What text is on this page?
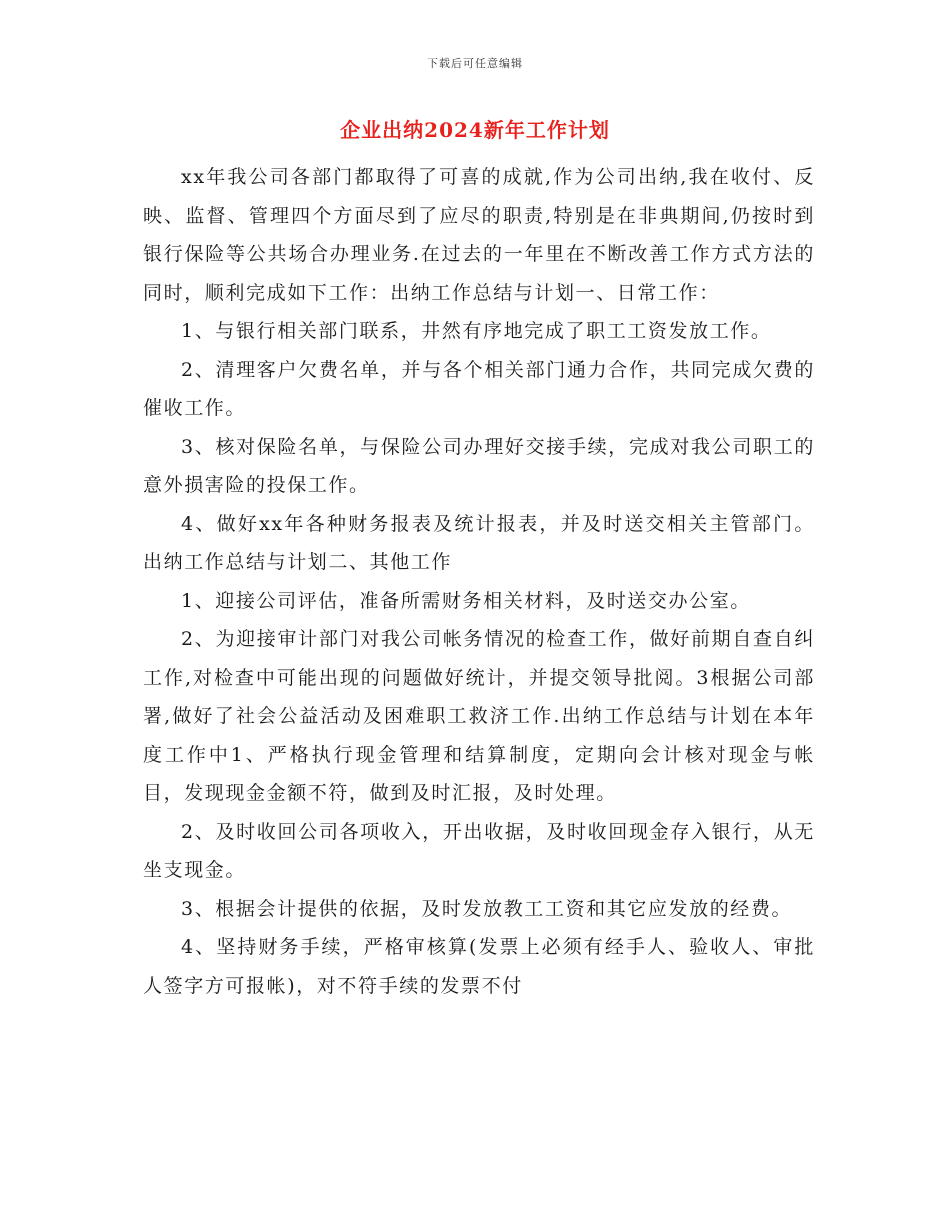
下载后可任意编辑
企业出纳2024新年工作计划

xx年我公司各部门都取得了可喜的成就,作为公司出纳,我在收付、反映、监督、管理四个方面尽到了应尽的职责,特别是在非典期间,仍按时到银行保险等公共场合办理业务.在过去的一年里在不断改善工作方式方法的同时，顺利完成如下工作：出纳工作总结与计划一、日常工作：

1、与银行相关部门联系，井然有序地完成了职工工资发放工作。

2、清理客户欠费名单，并与各个相关部门通力合作，共同完成欠费的催收工作。

3、核对保险名单，与保险公司办理好交接手续，完成对我公司职工的意外损害险的投保工作。

4、做好xx年各种财务报表及统计报表，并及时送交相关主管部门。出纳工作总结与计划二、其他工作

1、迎接公司评估，准备所需财务相关材料，及时送交办公室。

2、为迎接审计部门对我公司帐务情况的检查工作，做好前期自查自纠工作,对检查中可能出现的问题做好统计，并提交领导批阅。3根据公司部署,做好了社会公益活动及困难职工救济工作.出纳工作总结与计划在本年度工作中1、严格执行现金管理和结算制度，定期向会计核对现金与帐目，发现现金金额不符，做到及时汇报，及时处理。

2、及时收回公司各项收入，开出收据，及时收回现金存入银行，从无坐支现金。

3、根据会计提供的依据，及时发放教工工资和其它应发放的经费。

4、坚持财务手续，严格审核算(发票上必须有经手人、验收人、审批人签字方可报帐)，对不符手续的发票不付
